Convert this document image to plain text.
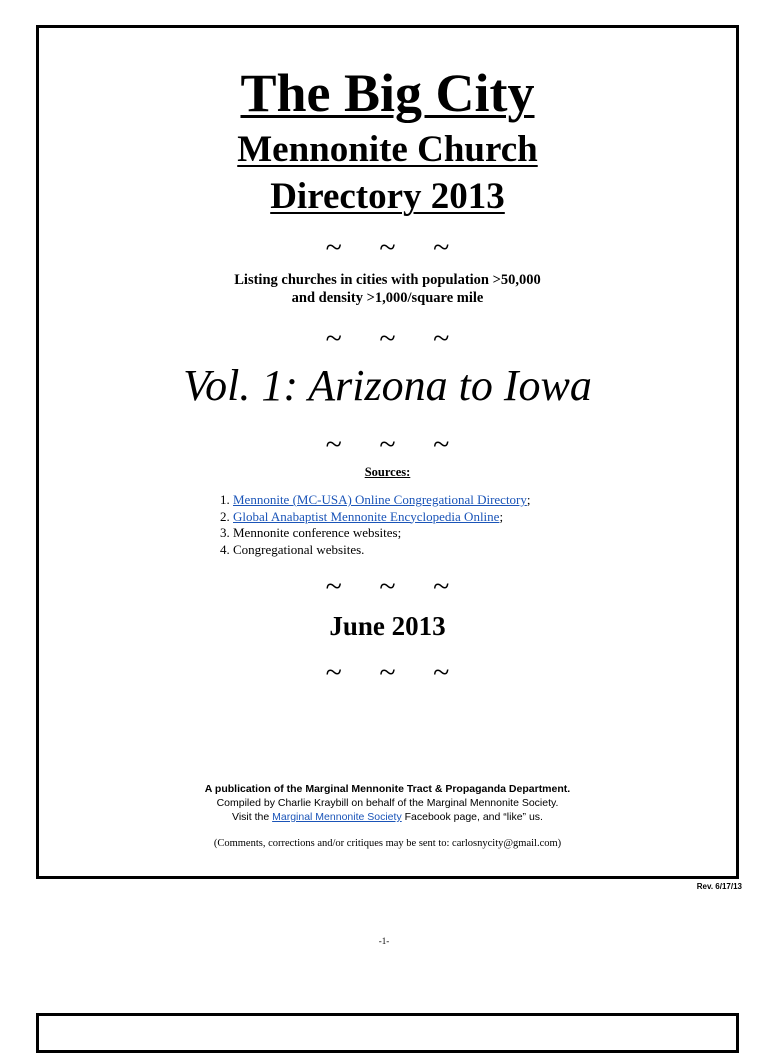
The Big City
Mennonite Church
Directory 2013
~ ~ ~
Listing churches in cities with population >50,000
and density >1,000/square mile
~ ~ ~
Vol. 1: Arizona to Iowa
~ ~ ~
Sources:
1. Mennonite (MC-USA) Online Congregational Directory;
2. Global Anabaptist Mennonite Encyclopedia Online;
3. Mennonite conference websites;
4. Congregational websites.
~ ~ ~
June 2013
~ ~ ~
A publication of the Marginal Mennonite Tract & Propaganda Department.
Compiled by Charlie Kraybill on behalf of the Marginal Mennonite Society.
Visit the Marginal Mennonite Society Facebook page, and “like” us.
(Comments, corrections and/or critiques may be sent to: carlosnycity@gmail.com)
Rev. 6/17/13
-1-
